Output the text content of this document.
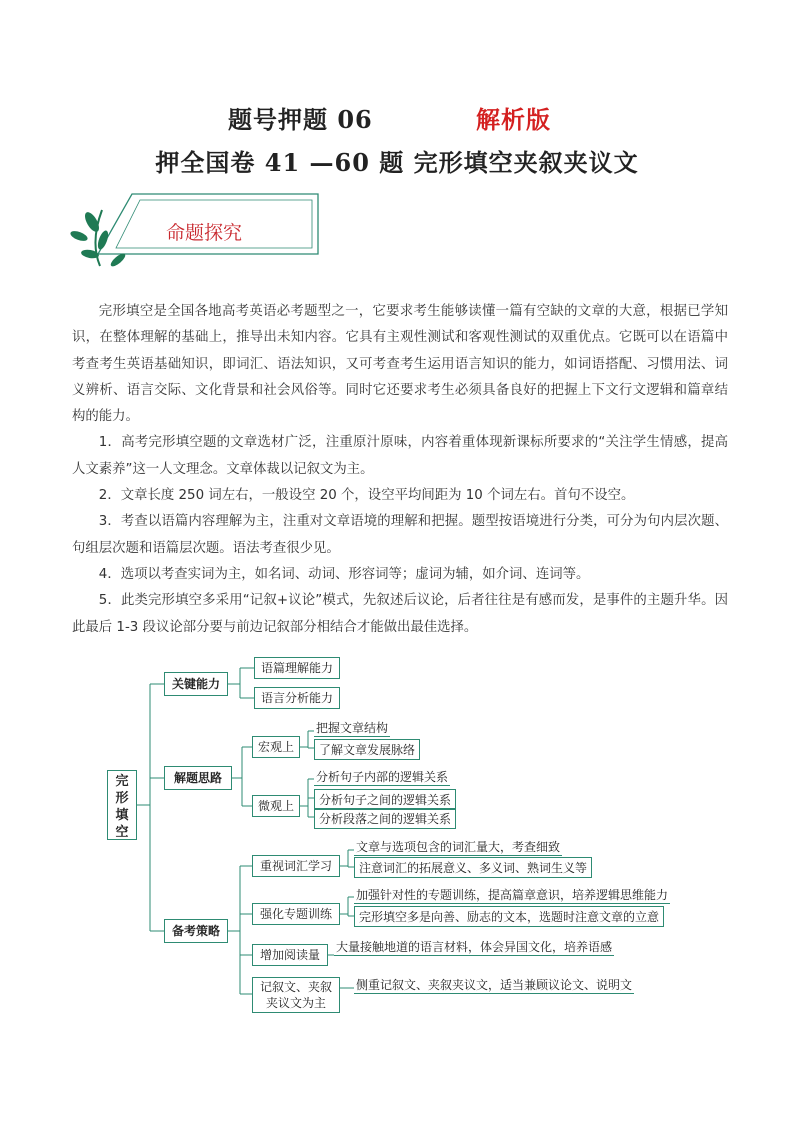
题号押题 06	解析版
押全国卷 41 —60 题 完形填空夹叙夹议文
命题探究

完形填空是全国各地高考英语必考题型之一，它要求考生能够读懂一篇有空缺的文章的大意，根据已学知识，在整体理解的基础上，推导出未知内容。它具有主观性测试和客观性测试的双重优点。它既可以在语篇中考查考生英语基础知识，即词汇、语法知识，又可考查考生运用语言知识的能力，如词语搭配、习惯用法、词义辨析、语言交际、文化背景和社会风俗等。同时它还要求考生必须具备良好的把握上下文行文逻辑和篇章结构的能力。

1．高考完形填空题的文章选材广泛，注重原汁原味，内容着重体现新课标所要求的“关注学生情感，提高人文素养”这一人文理念。文章体裁以记叙文为主。

2．文章长度 250 词左右，一般设空 20 个，设空平均间距为 10 个词左右。首句不设空。

3．考查以语篇内容理解为主，注重对文章语境的理解和把握。题型按语境进行分类，可分为句内层次题、句组层次题和语篇层次题。语法考查很少见。

4．选项以考查实词为主，如名词、动词、形容词等；虚词为辅，如介词、连词等。

5．此类完形填空多采用“记叙+议论”模式，先叙述后议论，后者往往是有感而发，是事件的主题升华。因此最后 1-3 段议论部分要与前边记叙部分相结合才能做出最佳选择。

完形填空
关键能力
语篇理解能力
语言分析能力
解题思路
宏观上
把握文章结构
了解文章发展脉络
微观上
分析句子内部的逻辑关系
分析句子之间的逻辑关系
分析段落之间的逻辑关系
备考策略
重视词汇学习
文章与选项包含的词汇量大，考查细致
注意词汇的拓展意义、多义词、熟词生义等
强化专题训练
加强针对性的专题训练，提高篇章意识，培养逻辑思维能力
完形填空多是向善、励志的文本，选题时注意文章的立意
增加阅读量
大量接触地道的语言材料，体会异国文化，培养语感
记叙文、夹叙夹议文为主
侧重记叙文、夹叙夹议文，适当兼顾议论文、说明文
